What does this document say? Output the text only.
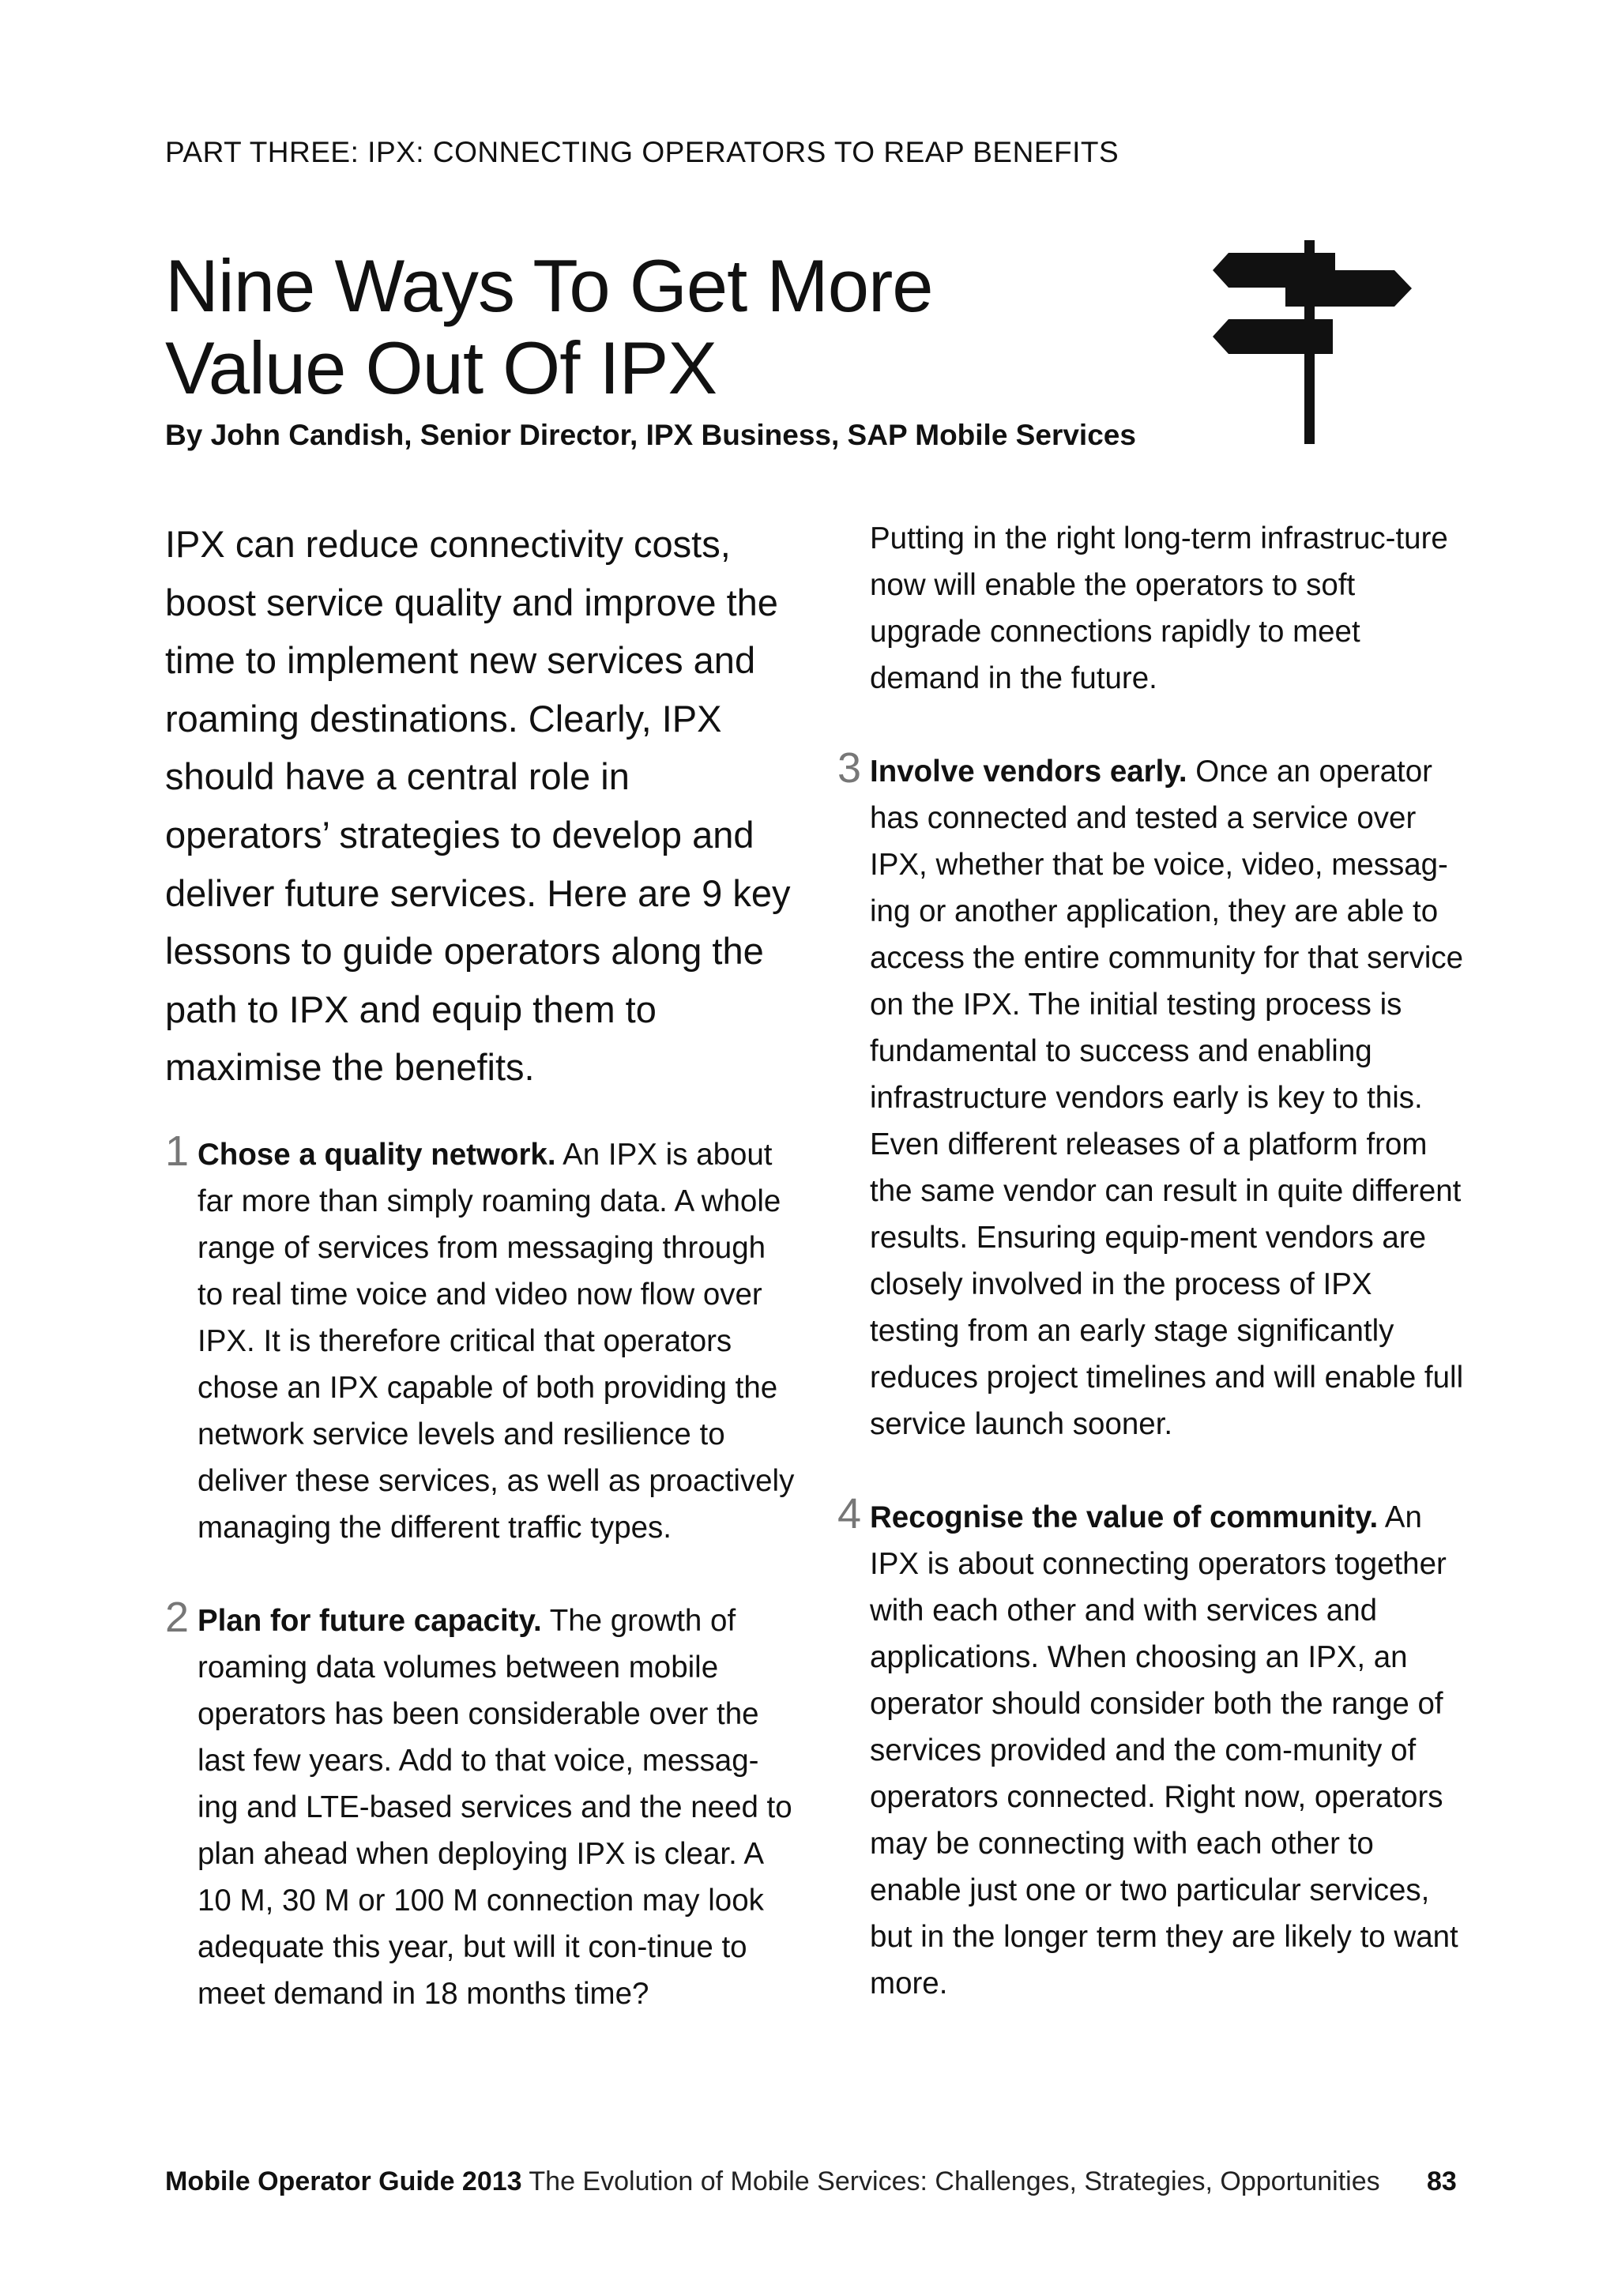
PART THREE: IPX: CONNECTING OPERATORS TO REAP BENEFITS
Nine Ways To Get More
Value Out Of IPX
By John Candish, Senior Director, IPX Business, SAP Mobile Services

IPX can reduce connectivity costs, boost service quality and improve the time to implement new services and roaming destinations. Clearly, IPX should have a central role in operators’ strategies to develop and deliver future services. Here are 9 key lessons to guide operators along the path to IPX and equip them to maximise the benefits.

1 Chose a quality network. An IPX is about far more than simply roaming data. A whole range of services from messaging through to real time voice and video now flow over IPX. It is therefore critical that operators chose an IPX capable of both providing the network service levels and resilience to deliver these services, as well as proactively managing the different traffic types.
2 Plan for future capacity. The growth of roaming data volumes between mobile operators has been considerable over the last few years. Add to that voice, messag-ing and LTE-based services and the need to plan ahead when deploying IPX is clear. A 10 M, 30 M or 100 M connection may look adequate this year, but will it con-tinue to meet demand in 18 months time?
Putting in the right long-term infrastruc-ture now will enable the operators to soft upgrade connections rapidly to meet demand in the future.
3 Involve vendors early. Once an operator has connected and tested a service over IPX, whether that be voice, video, messag-ing or another application, they are able to access the entire community for that service on the IPX. The initial testing process is fundamental to success and enabling infrastructure vendors early is key to this. Even different releases of a platform from the same vendor can result in quite different results. Ensuring equip-ment vendors are closely involved in the process of IPX testing from an early stage significantly reduces project timelines and will enable full service launch sooner.
4 Recognise the value of community. An IPX is about connecting operators together with each other and with services and applications. When choosing an IPX, an operator should consider both the range of services provided and the com-munity of operators connected. Right now, operators may be connecting with each other to enable just one or two particular services, but in the longer term they are likely to want more.
Mobile Operator Guide 2013 The Evolution of Mobile Services: Challenges, Strategies, Opportunities 83
